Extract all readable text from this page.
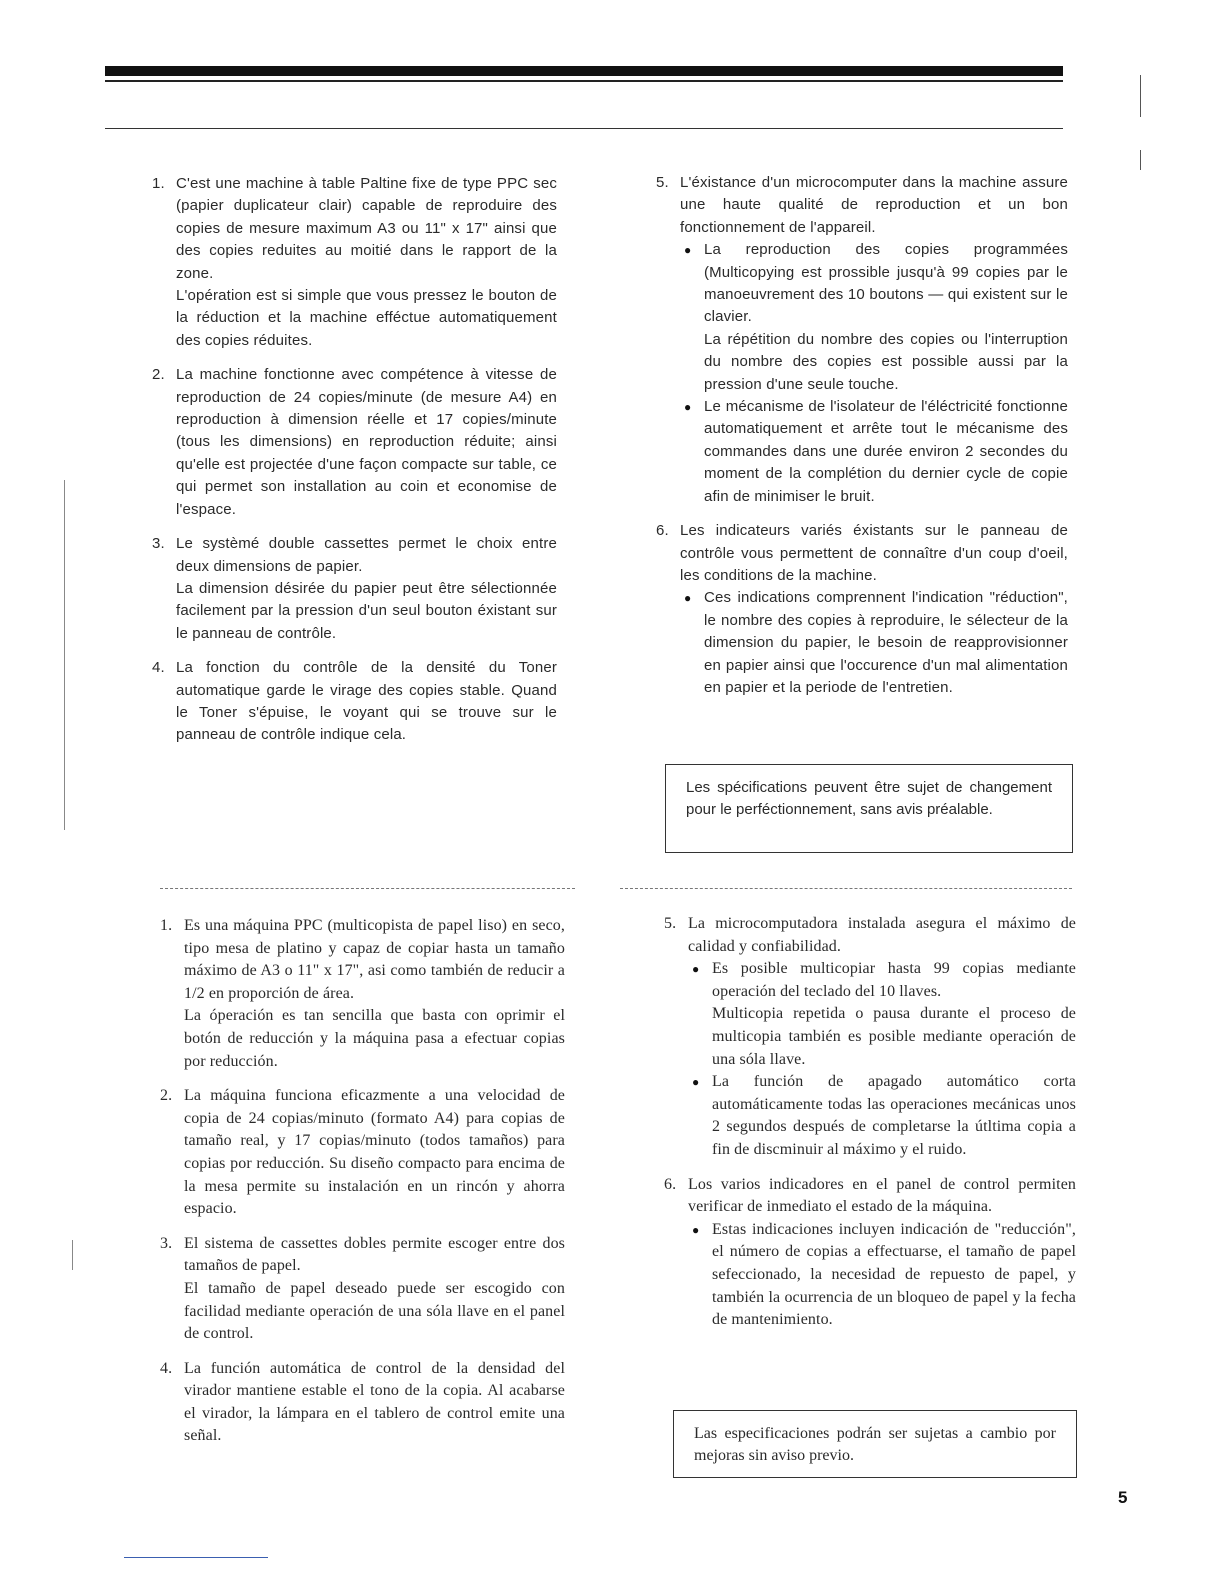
1. C'est une machine à table Paltine fixe de type PPC sec (papier duplicateur clair) capable de reproduire des copies de mesure maximum A3 ou 11" x 17" ainsi que des copies reduites au moitié dans le rapport de la zone.

L'opération est si simple que vous pressez le bouton de la réduction et la machine efféctue automatiquement des copies réduites.

2. La machine fonctionne avec compétence à vitesse de reproduction de 24 copies/minute (de mesure A4) en reproduction à dimension réelle et 17 copies/minute (tous les dimensions) en reproduction réduite; ainsi qu'elle est projectée d'une façon compacte sur table, ce qui permet son installation au coin et economise de l'espace.

3. Le systèmé double cassettes permet le choix entre deux dimensions de papier.

La dimension désirée du papier peut être sélectionnée facilement par la pression d'un seul bouton éxistant sur le panneau de contrôle.

4. La fonction du contrôle de la densité du Toner automatique garde le virage des copies stable. Quand le Toner s'épuise, le voyant qui se trouve sur le panneau de contrôle indique cela.

5. L'éxistance d'un microcomputer dans la machine assure une haute qualité de reproduction et un bon fonctionnement de l'appareil.

● La reproduction des copies programmées (Multicopying est prossible jusqu'à 99 copies par le manoeuvrement des 10 boutons — qui existent sur le clavier.

La répétition du nombre des copies ou l'interruption du nombre des copies est possible aussi par la pression d'une seule touche.

● Le mécanisme de l'isolateur de l'éléctricité fonctionne automatiquement et arrête tout le mécanisme des commandes dans une durée environ 2 secondes du moment de la complétion du dernier cycle de copie afin de minimiser le bruit.

6. Les indicateurs variés éxistants sur le panneau de contrôle vous permettent de connaître d'un coup d'oeil, les conditions de la machine.

● Ces indications comprennent l'indication "réduction", le nombre des copies à reproduire, le sélecteur de la dimension du papier, le besoin de reapprovisionner en papier ainsi que l'occurence d'un mal alimentation en papier et la periode de l'entretien.

Les spécifications peuvent être sujet de changement pour le perféctionnement, sans avis préalable.
1. Es una máquina PPC (multicopista de papel liso) en seco, tipo mesa de platino y capaz de copiar hasta un tamaño máximo de A3 o 11" x 17", asi como también de reducir a 1/2 en proporción de área.

La óperación es tan sencilla que basta con oprimir el botón de reducción y la máquina pasa a efectuar copias por reducción.

2. La máquina funciona eficazmente a una velocidad de copia de 24 copias/minuto (formato A4) para copias de tamaño real, y 17 copias/minuto (todos tamaños) para copias por reducción. Su diseño compacto para encima de la mesa permite su instalación en un rincón y ahorra espacio.

3. El sistema de cassettes dobles permite escoger entre dos tamaños de papel.

El tamaño de papel deseado puede ser escogido con facilidad mediante operación de una sóla llave en el panel de control.

4. La función automática de control de la densidad del virador mantiene estable el tono de la copia. Al acabarse el virador, la lámpara en el tablero de control emite una señal.

5. La microcomputadora instalada asegura el máximo de calidad y confiabilidad.

● Es posible multicopiar hasta 99 copias mediante operación del teclado del 10 llaves.

Multicopia repetida o pausa durante el proceso de multicopia también es posible mediante operación de una sóla llave.

● La función de apagado automático corta automáticamente todas las operaciones mecánicas unos 2 segundos después de completarse la útltima copia a fin de discminuir al máximo y el ruido.

6. Los varios indicadores en el panel de control permiten verificar de inmediato el estado de la máquina.

● Estas indicaciones incluyen indicación de "reducción", el número de copias a effectuarse, el tamaño de papel sefeccionado, la necesidad de repuesto de papel, y también la ocurrencia de un bloqueo de papel y la fecha de mantenimiento.

Las especificaciones podrán ser sujetas a cambio por mejoras sin aviso previo.
5
